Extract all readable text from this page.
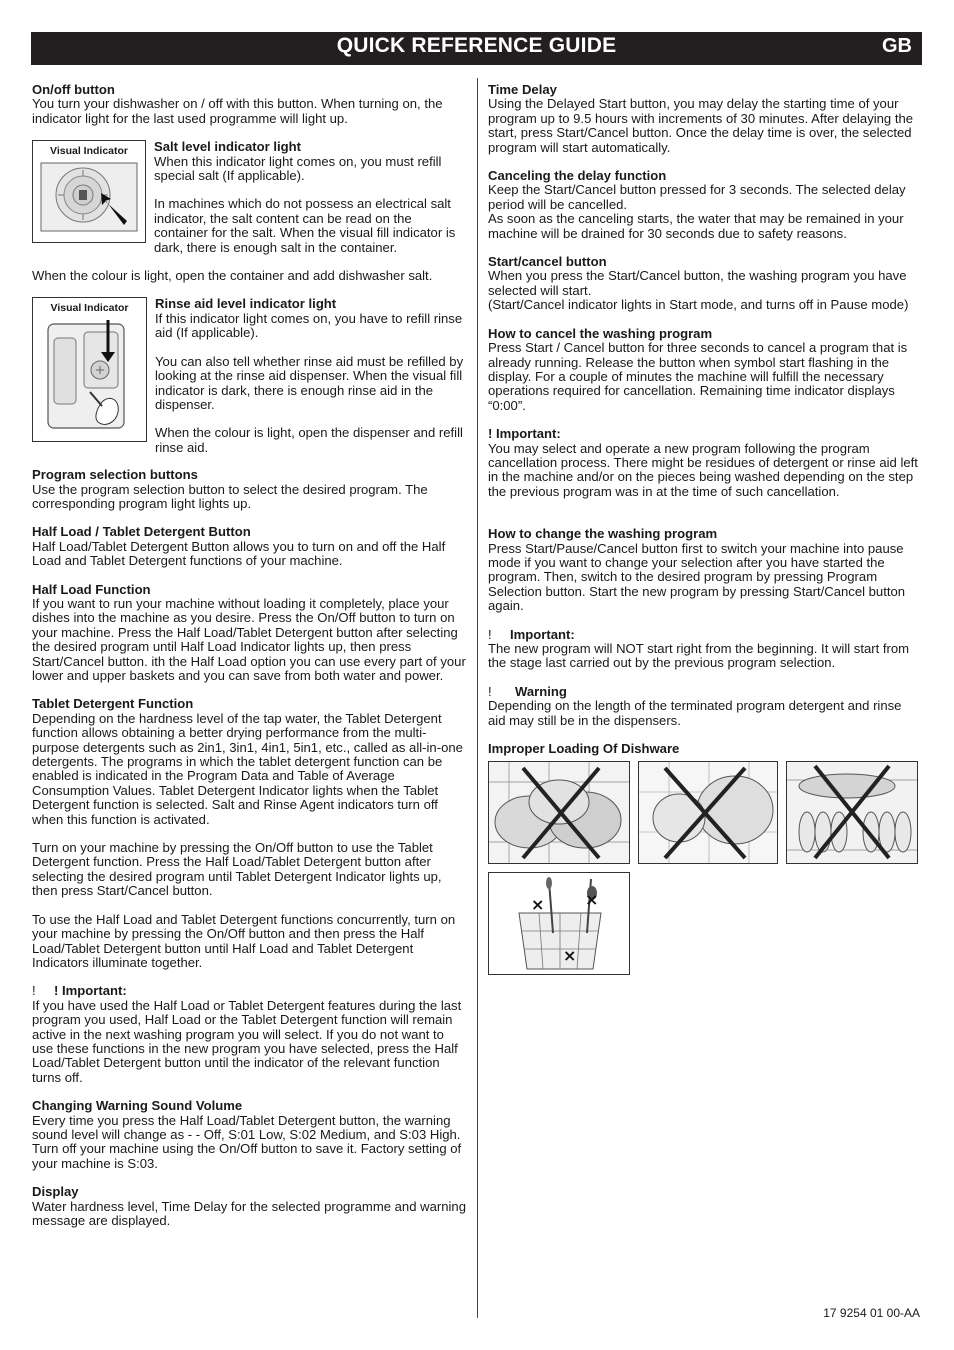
QUICK REFERENCE GUIDE	GB
On/off button

You turn your dishwasher on / off with this button. When turning on, the indicator light for the last used programme will light up.

Visual Indicator	Salt level indicator light

When this indicator light comes on, you must refill special salt (If applicable).

In machines which do not possess an electrical salt indicator, the salt content can be read on the container for the salt. When the visual fill indicator is dark, there is enough salt in the container.

When the colour is light, open the container and add dishwasher salt.

Visual Indicator	Rinse aid level indicator light

If this indicator light comes on, you have to refill rinse aid (If applicable).

You can also tell whether rinse aid must be refilled by looking at the rinse aid dispenser. When the visual fill indicator is dark, there is enough rinse aid in the dispenser.

When the colour is light, open the dispenser and refill rinse aid.

Program selection buttons

Use the program selection button to select the desired program. The corresponding program light lights up.

Half Load / Tablet Detergent Button

Half Load/Tablet Detergent Button allows you to turn on and off the Half Load and Tablet Detergent functions of your machine.

Half Load Function

If you want to run your machine without loading it completely, place your dishes into the machine as you desire. Press the On/Off button to turn on your machine. Press the Half Load/Tablet Detergent button after selecting the desired program until Half Load Indicator lights up, then press Start/Cancel button. ith the Half Load option you can use every part of your lower and upper baskets and you can save from both water and power.

Tablet Detergent Function

Depending on the hardness level of the tap water, the Tablet Detergent function allows obtaining a better drying performance from the multi-purpose detergents such as 2in1, 3in1, 4in1, 5in1, etc., called as all-in-one detergents. The programs in which the tablet detergent function can be enabled is indicated in the Program Data and Table of Average Consumption Values. Tablet Detergent Indicator lights when the Tablet Detergent function is selected. Salt and Rinse Agent indicators turn off when this function is activated.

Turn on your machine by pressing the On/Off button to use the Tablet Detergent function. Press the Half Load/Tablet Detergent button after selecting the desired program until Tablet Detergent Indicator lights up, then press Start/Cancel button.

To use the Half Load and Tablet Detergent functions concurrently, turn on your machine by pressing the On/Off button and then press the Half Load/Tablet Detergent button until Half Load and Tablet Detergent Indicators illuminate together.

! ! Important:

If you have used the Half Load or Tablet Detergent features during the last program you used, Half Load or the Tablet Detergent function will remain active in the next washing program you will select. If you do not want to use these functions in the new program you have selected, press the Half Load/Tablet Detergent button until the indicator of the relevant function turns off.

Changing Warning Sound Volume

Every time you press the Half Load/Tablet Detergent button, the warning sound level will change as - - Off, S:01 Low, S:02 Medium, and S:03 High. Turn off your machine using the On/Off button to save it. Factory setting of your machine is S:03.

Display

Water hardness level, Time Delay for the selected programme and warning message are displayed.

Time Delay

Using the Delayed Start button, you may delay the starting time of your program up to 9.5 hours with increments of 30 minutes. After delaying the start, press Start/Cancel button. Once the delay time is over, the selected program will start automatically.

Canceling the delay function

Keep the Start/Cancel button pressed for 3 seconds. The selected delay period will be cancelled.

As soon as the canceling starts, the water that may be remained in your machine will be drained for 30 seconds due to safety reasons.

Start/cancel button

When you press the Start/Cancel button, the washing program you have selected will start.

(Start/Cancel indicator lights in Start mode, and turns off in Pause mode)

How to cancel the washing program

Press Start / Cancel button for three seconds to cancel a program that is already running. Release the button when symbol start flashing in the display. For a couple of minutes the machine will fulfill the necessary operations required for cancellation. Remaining time indicator displays “0:00”.

! Important:

You may select and operate a new program following the program cancellation process. There might be residues of detergent or rinse aid left in the machine and/or on the pieces being washed depending on the step the previous program was in at the time of such cancellation.

How to change the washing program

Press Start/Pause/Cancel button first to switch your machine into pause mode if you want to change your selection after you have started the program. Then, switch to the desired program by pressing Program Selection button. Start the new program by pressing Start/Cancel button again.

! Important:

The new program will NOT start right from the beginning. It will start from the stage last carried out by the previous program selection.

! Warning

Depending on the length of the terminated program detergent and rinse aid may still be in the dispensers.

Improper Loading Of Dishware
×	×
×
17 9254 01 00-AA
